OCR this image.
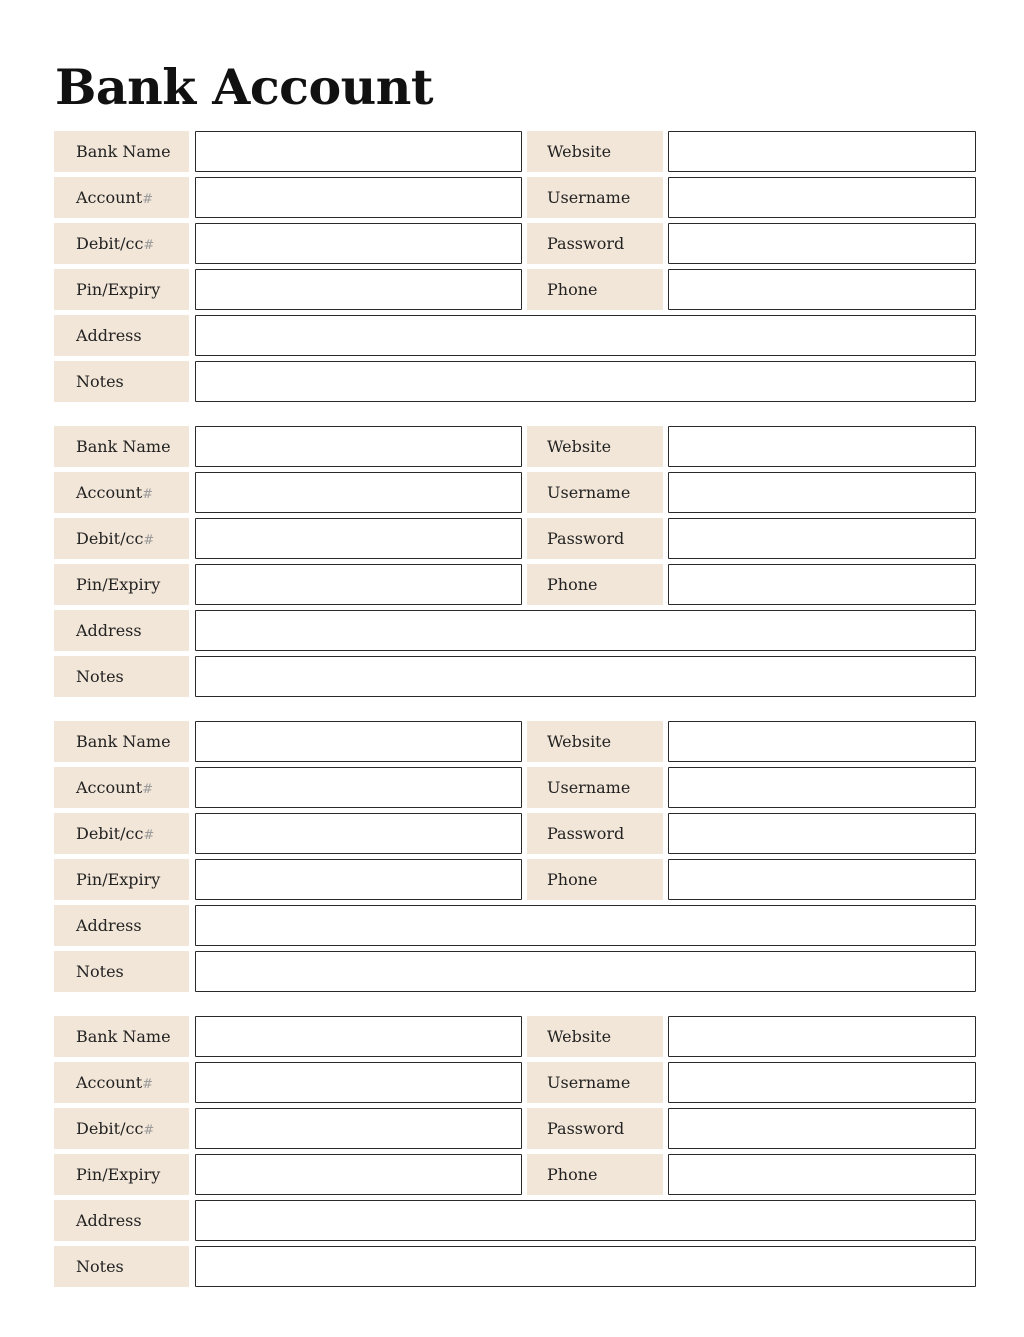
Bank Account
Bank Name	Website
Account#	Username
Debit/cc#	Password
Pin/Expiry	Phone
Address
Notes
Bank Name	Website
Account#	Username
Debit/cc#	Password
Pin/Expiry	Phone
Address
Notes
Bank Name	Website
Account#	Username
Debit/cc#	Password
Pin/Expiry	Phone
Address
Notes
Bank Name	Website
Account#	Username
Debit/cc#	Password
Pin/Expiry	Phone
Address
Notes
